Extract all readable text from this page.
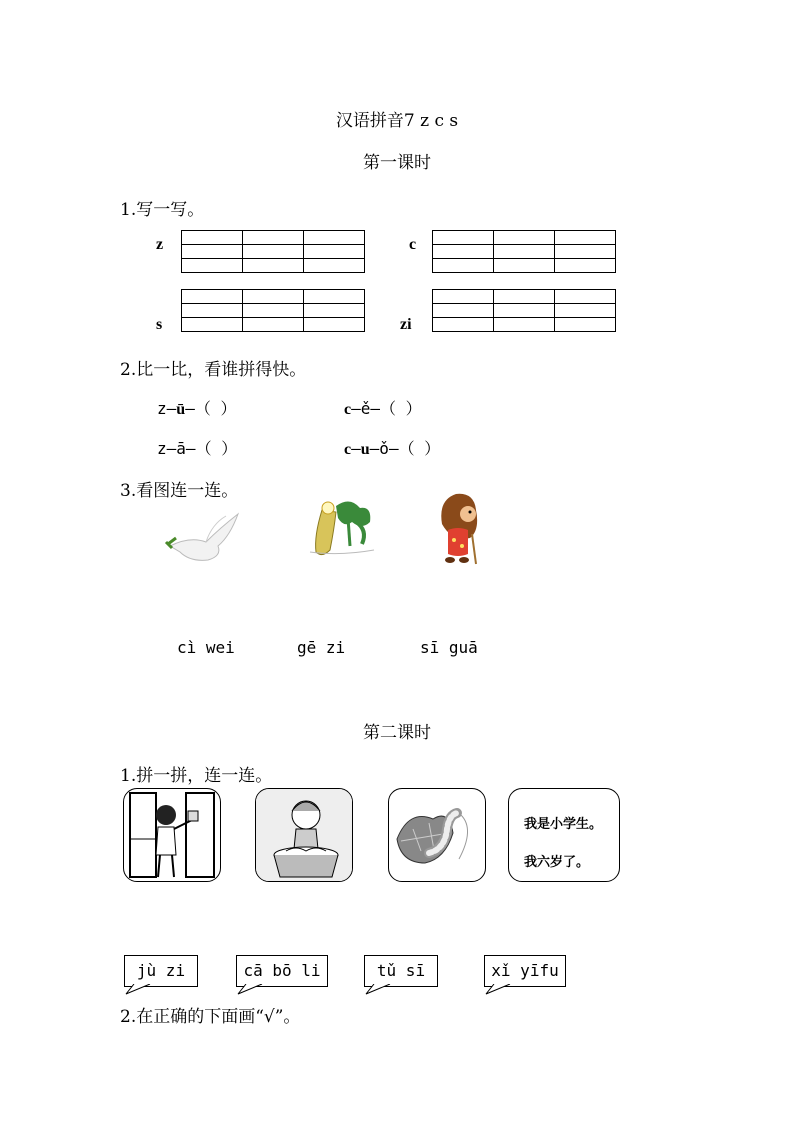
汉语拼音7 z c s
第一课时
1.写一写。
z

			c

s

			zi

2.比一比，看谁拼得快。
z—ū—（ ）	c—ě—（ ）
z—ā—（ ）	c—u—ǒ—（ ）
3.看图连一连。
cì wei	gē zi	sī guā
第二课时
1.拼一拼，连一连。
我是小学生。
我六岁了。
jù zi	cā bō li	tǔ sī	xǐ yīfu
2.在正确的下面画“√”。
